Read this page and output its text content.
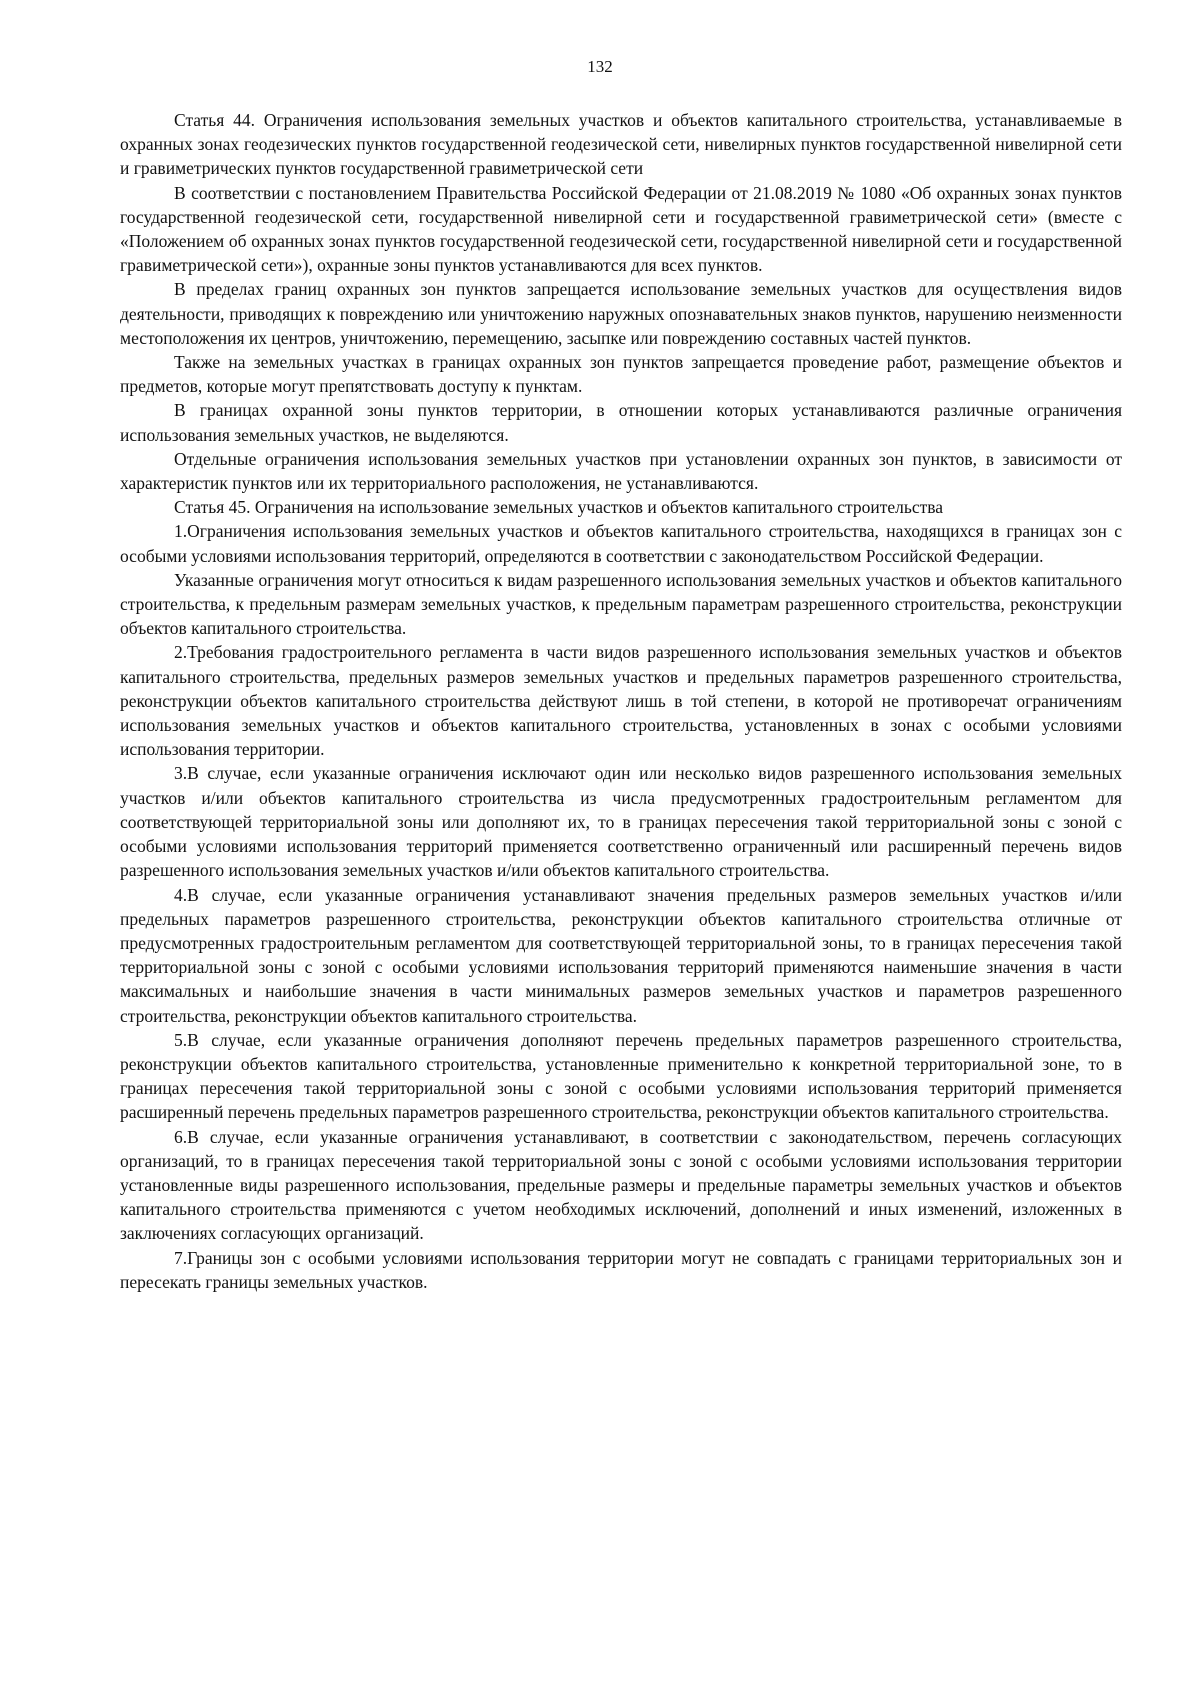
132

Статья 44. Ограничения использования земельных участков и объектов капитального строительства, устанавливаемые в охранных зонах геодезических пунктов государственной геодезической сети, нивелирных пунктов государственной нивелирной сети и гравиметрических пунктов государственной гравиметрической сети

В соответствии с постановлением Правительства Российской Федерации от 21.08.2019 № 1080 «Об охранных зонах пунктов государственной геодезической сети, государственной нивелирной сети и государственной гравиметрической сети» (вместе с «Положением об охранных зонах пунктов государственной геодезической сети, государственной нивелирной сети и государственной гравиметрической сети»), охранные зоны пунктов устанавливаются для всех пунктов.

В пределах границ охранных зон пунктов запрещается использование земельных участков для осуществления видов деятельности, приводящих к повреждению или уничтожению наружных опознавательных знаков пунктов, нарушению неизменности местоположения их центров, уничтожению, перемещению, засыпке или повреждению составных частей пунктов.

Также на земельных участках в границах охранных зон пунктов запрещается проведение работ, размещение объектов и предметов, которые могут препятствовать доступу к пунктам.

В границах охранной зоны пунктов территории, в отношении которых устанавливаются различные ограничения использования земельных участков, не выделяются.

Отдельные ограничения использования земельных участков при установлении охранных зон пунктов, в зависимости от характеристик пунктов или их территориального расположения, не устанавливаются.

Статья 45. Ограничения на использование земельных участков и объектов капитального строительства

1.Ограничения использования земельных участков и объектов капитального строительства, находящихся в границах зон с особыми условиями использования территорий, определяются в соответствии с законодательством Российской Федерации.

Указанные ограничения могут относиться к видам разрешенного использования земельных участков и объектов капитального строительства, к предельным размерам земельных участков, к предельным параметрам разрешенного строительства, реконструкции объектов капитального строительства.

2.Требования градостроительного регламента в части видов разрешенного использования земельных участков и объектов капитального строительства, предельных размеров земельных участков и предельных параметров разрешенного строительства, реконструкции объектов капитального строительства действуют лишь в той степени, в которой не противоречат ограничениям использования земельных участков и объектов капитального строительства, установленных в зонах с особыми условиями использования территории.

3.В случае, если указанные ограничения исключают один или несколько видов разрешенного использования земельных участков и/или объектов капитального строительства из числа предусмотренных градостроительным регламентом для соответствующей территориальной зоны или дополняют их, то в границах пересечения такой территориальной зоны с зоной с особыми условиями использования территорий применяется соответственно ограниченный или расширенный перечень видов разрешенного использования земельных участков и/или объектов капитального строительства.

4.В случае, если указанные ограничения устанавливают значения предельных размеров земельных участков и/или предельных параметров разрешенного строительства, реконструкции объектов капитального строительства отличные от предусмотренных градостроительным регламентом для соответствующей территориальной зоны, то в границах пересечения такой территориальной зоны с зоной с особыми условиями использования территорий применяются наименьшие значения в части максимальных и наибольшие значения в части минимальных размеров земельных участков и параметров разрешенного строительства, реконструкции объектов капитального строительства.

5.В случае, если указанные ограничения дополняют перечень предельных параметров разрешенного строительства, реконструкции объектов капитального строительства, установленные применительно к конкретной территориальной зоне, то в границах пересечения такой территориальной зоны с зоной с особыми условиями использования территорий применяется расширенный перечень предельных параметров разрешенного строительства, реконструкции объектов капитального строительства.

6.В случае, если указанные ограничения устанавливают, в соответствии с законодательством, перечень согласующих организаций, то в границах пересечения такой территориальной зоны с зоной с особыми условиями использования территории установленные виды разрешенного использования, предельные размеры и предельные параметры земельных участков и объектов капитального строительства применяются с учетом необходимых исключений, дополнений и иных изменений, изложенных в заключениях согласующих организаций.

7.Границы зон с особыми условиями использования территории могут не совпадать с границами территориальных зон и пересекать границы земельных участков.
